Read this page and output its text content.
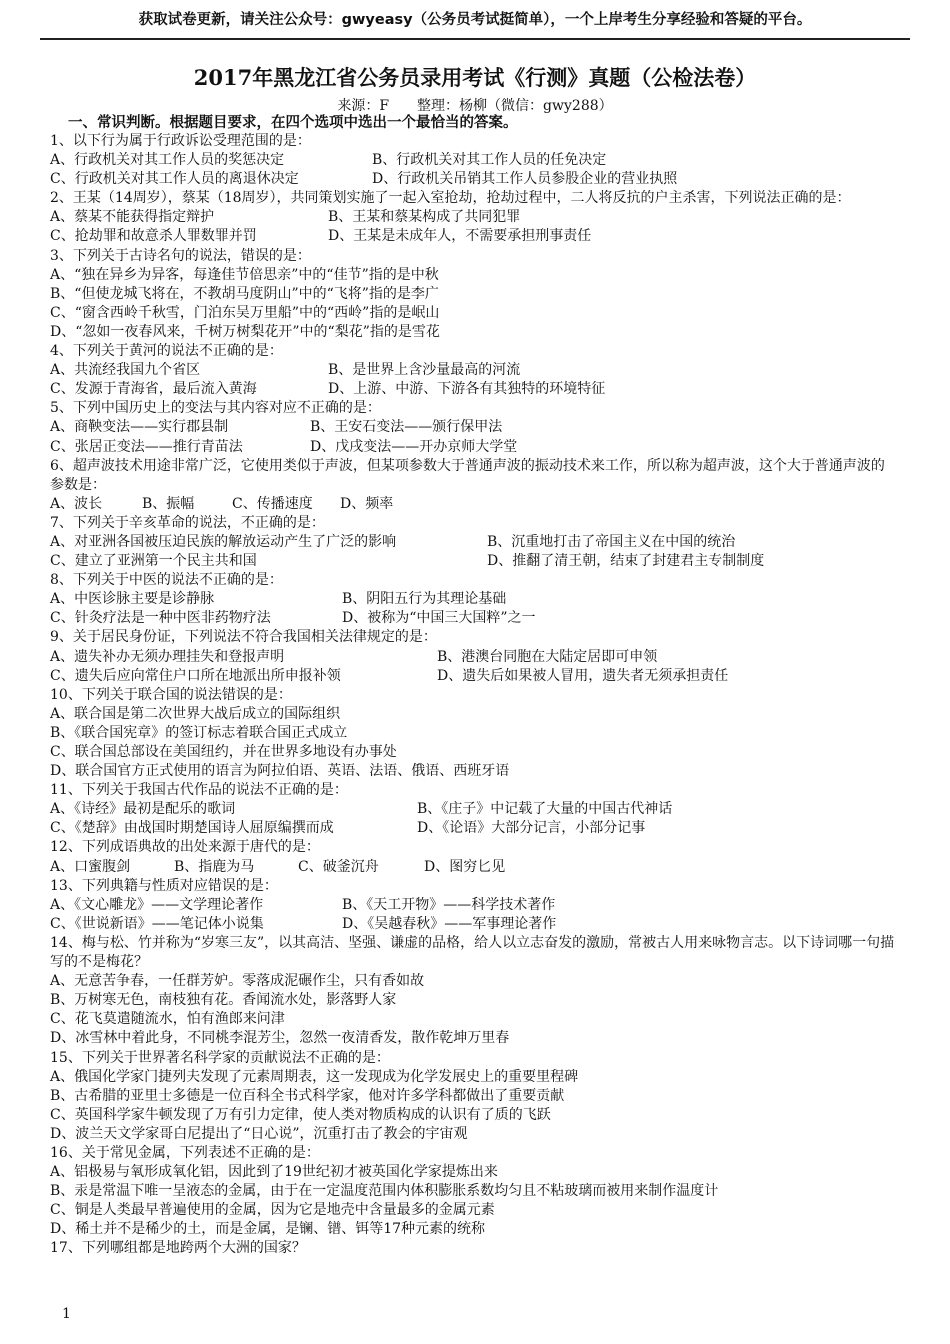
获取试卷更新，请关注公众号：gwyeasy（公务员考试挺简单），一个上岸考生分享经验和答疑的平台。
2017年黑龙江省公务员录用考试《行测》真题（公检法卷）
来源：F　　整理：杨柳（微信：gwy288）
一、常识判断。根据题目要求，在四个选项中选出一个最恰当的答案。
1、以下行为属于行政诉讼受理范围的是：
A、行政机关对其工作人员的奖惩决定	B、行政机关对其工作人员的任免决定
C、行政机关对其工作人员的离退休决定	D、行政机关吊销其工作人员参股企业的营业执照
2、王某（14周岁），蔡某（18周岁），共同策划实施了一起入室抢劫，抢劫过程中，二人将反抗的户主杀害，下列说法正确的是：
A、蔡某不能获得指定辩护	B、王某和蔡某构成了共同犯罪
C、抢劫罪和故意杀人罪数罪并罚	D、王某是未成年人，不需要承担刑事责任
3、下列关于古诗名句的说法，错误的是：
A、“独在异乡为异客，每逢佳节倍思亲”中的“佳节”指的是中秋
B、“但使龙城飞将在，不教胡马度阴山”中的“飞将”指的是李广
C、“窗含西岭千秋雪，门泊东吴万里船”中的“西岭”指的是岷山
D、“忽如一夜春风来，千树万树梨花开”中的“梨花”指的是雪花
4、下列关于黄河的说法不正确的是：
A、共流经我国九个省区	B、是世界上含沙量最高的河流
C、发源于青海省，最后流入黄海	D、上游、中游、下游各有其独特的环境特征
5、下列中国历史上的变法与其内容对应不正确的是：
A、商鞅变法——实行郡县制	B、王安石变法——颁行保甲法
C、张居正变法——推行青苗法	D、戊戌变法——开办京师大学堂
6、超声波技术用途非常广泛，它使用类似于声波，但某项参数大于普通声波的振动技术来工作，所以称为超声波，这个大于普通声波的参数是：
A、波长	B、振幅	C、传播速度 D、频率
7、下列关于辛亥革命的说法，不正确的是：
A、对亚洲各国被压迫民族的解放运动产生了广泛的影响	B、沉重地打击了帝国主义在中国的统治
C、建立了亚洲第一个民主共和国	D、推翻了清王朝，结束了封建君主专制制度
8、下列关于中医的说法不正确的是：
A、中医诊脉主要是诊静脉	B、阴阳五行为其理论基础
C、针灸疗法是一种中医非药物疗法	D、被称为“中国三大国粹”之一
9、关于居民身份证，下列说法不符合我国相关法律规定的是：
A、遗失补办无须办理挂失和登报声明	B、港澳台同胞在大陆定居即可申领
C、遗失后应向常住户口所在地派出所申报补领	D、遗失后如果被人冒用，遗失者无须承担责任
10、下列关于联合国的说法错误的是：
A、联合国是第二次世界大战后成立的国际组织
B、《联合国宪章》的签订标志着联合国正式成立
C、联合国总部设在美国纽约，并在世界多地设有办事处
D、联合国官方正式使用的语言为阿拉伯语、英语、法语、俄语、西班牙语
11、下列关于我国古代作品的说法不正确的是：
A、《诗经》最初是配乐的歌词	B、《庄子》中记载了大量的中国古代神话
C、《楚辞》由战国时期楚国诗人屈原编撰而成	D、《论语》大部分记言，小部分记事
12、下列成语典故的出处来源于唐代的是：
A、口蜜腹剑	B、指鹿为马	C、破釜沉舟	D、图穷匕见
13、下列典籍与性质对应错误的是：
A、《文心雕龙》——文学理论著作	B、《天工开物》——科学技术著作
C、《世说新语》——笔记体小说集	D、《吴越春秋》——军事理论著作
14、梅与松、竹并称为“岁寒三友”，以其高洁、坚强、谦虚的品格，给人以立志奋发的激励，常被古人用来咏物言志。以下诗词哪一句描写的不是梅花？
A、无意苦争春，一任群芳妒。零落成泥碾作尘，只有香如故
B、万树寒无色，南枝独有花。香闻流水处，影落野人家
C、花飞莫遣随流水，怕有渔郎来问津
D、冰雪林中着此身，不同桃李混芳尘，忽然一夜清香发，散作乾坤万里春
15、下列关于世界著名科学家的贡献说法不正确的是：
A、俄国化学家门捷列夫发现了元素周期表，这一发现成为化学发展史上的重要里程碑
B、古希腊的亚里士多德是一位百科全书式科学家，他对许多学科都做出了重要贡献
C、英国科学家牛顿发现了万有引力定律，使人类对物质构成的认识有了质的飞跃
D、波兰天文学家哥白尼提出了“日心说”，沉重打击了教会的宇宙观
16、关于常见金属，下列表述不正确的是：
A、铝极易与氧形成氧化铝，因此到了19世纪初才被英国化学家提炼出来
B、汞是常温下唯一呈液态的金属，由于在一定温度范围内体积膨胀系数均匀且不粘玻璃而被用来制作温度计
C、铜是人类最早普遍使用的金属，因为它是地壳中含量最多的金属元素
D、稀土并不是稀少的土，而是金属，是镧、镨、铒等17种元素的统称
17、下列哪组都是地跨两个大洲的国家？
1
